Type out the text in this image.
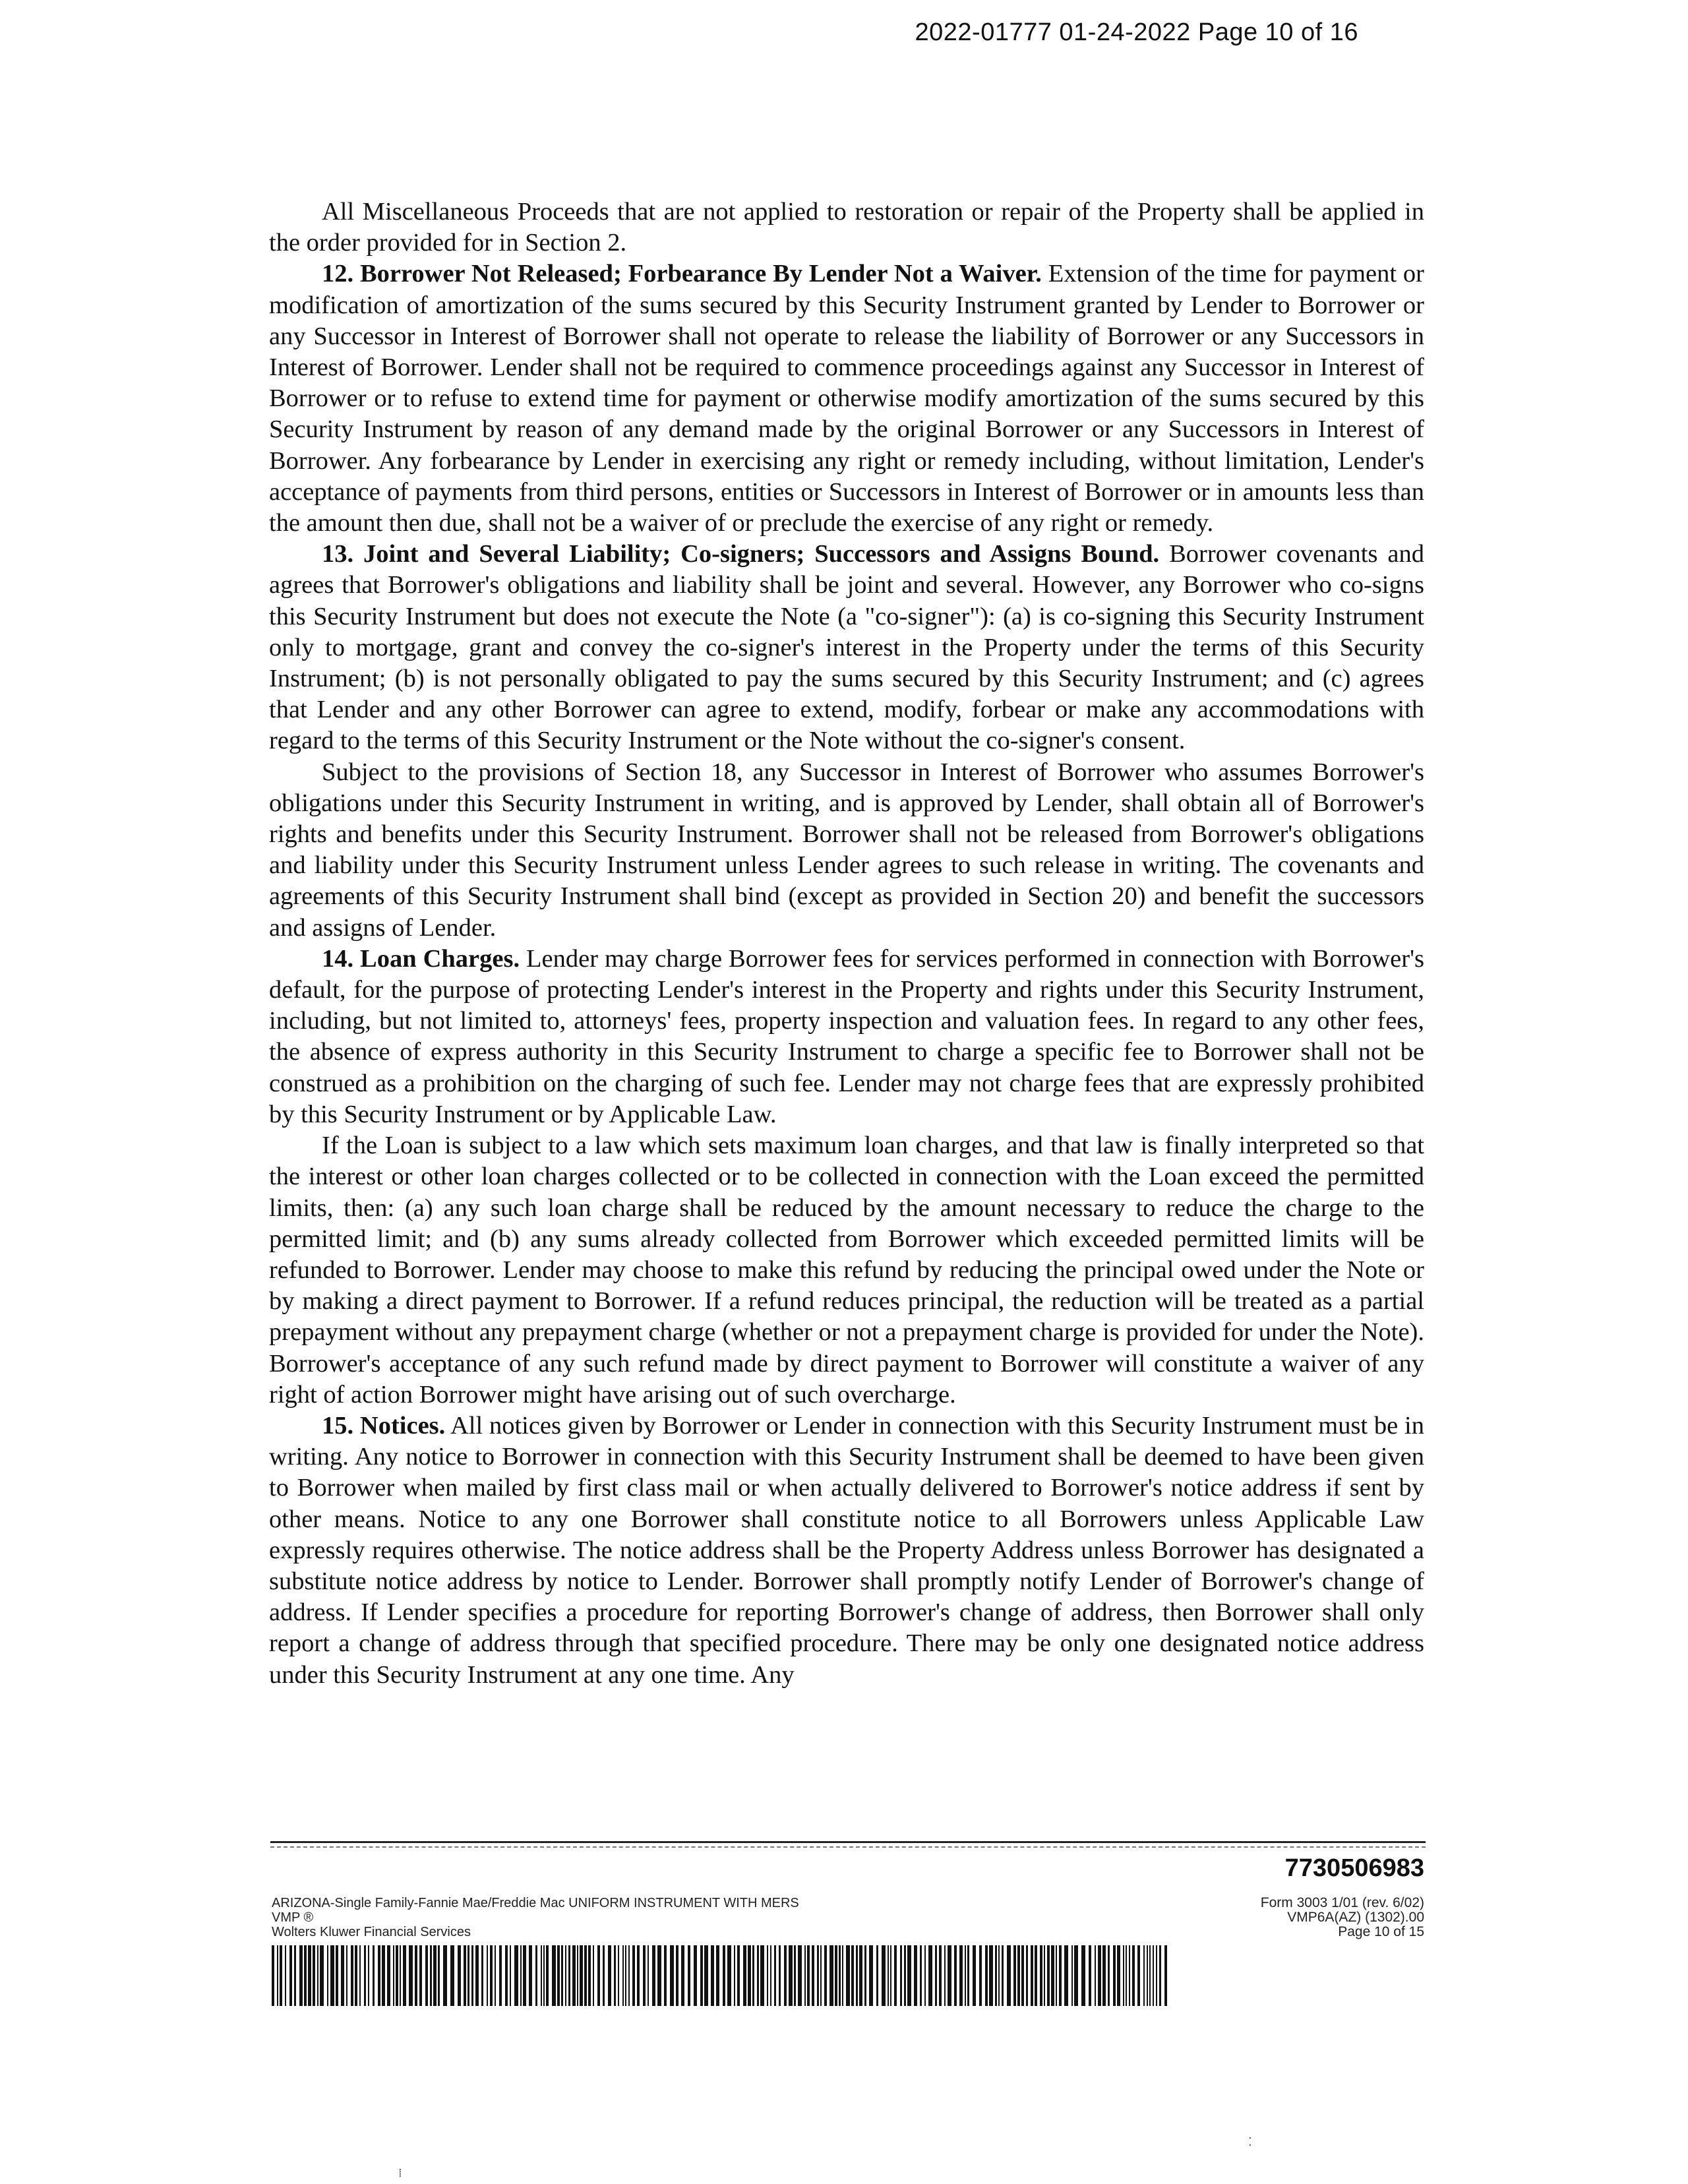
2022-01777 01-24-2022 Page 10 of 16

All Miscellaneous Proceeds that are not applied to restoration or repair of the Property shall be applied in the order provided for in Section 2.

12. Borrower Not Released; Forbearance By Lender Not a Waiver. Extension of the time for payment or modification of amortization of the sums secured by this Security Instrument granted by Lender to Borrower or any Successor in Interest of Borrower shall not operate to release the liability of Borrower or any Successors in Interest of Borrower. Lender shall not be required to commence proceedings against any Successor in Interest of Borrower or to refuse to extend time for payment or otherwise modify amortization of the sums secured by this Security Instrument by reason of any demand made by the original Borrower or any Successors in Interest of Borrower. Any forbearance by Lender in exercising any right or remedy including, without limitation, Lender's acceptance of payments from third persons, entities or Successors in Interest of Borrower or in amounts less than the amount then due, shall not be a waiver of or preclude the exercise of any right or remedy.

13. Joint and Several Liability; Co-signers; Successors and Assigns Bound. Borrower covenants and agrees that Borrower's obligations and liability shall be joint and several. However, any Borrower who co-signs this Security Instrument but does not execute the Note (a "co-signer"): (a) is co-signing this Security Instrument only to mortgage, grant and convey the co-signer's interest in the Property under the terms of this Security Instrument; (b) is not personally obligated to pay the sums secured by this Security Instrument; and (c) agrees that Lender and any other Borrower can agree to extend, modify, forbear or make any accommodations with regard to the terms of this Security Instrument or the Note without the co-signer's consent.

Subject to the provisions of Section 18, any Successor in Interest of Borrower who assumes Borrower's obligations under this Security Instrument in writing, and is approved by Lender, shall obtain all of Borrower's rights and benefits under this Security Instrument. Borrower shall not be released from Borrower's obligations and liability under this Security Instrument unless Lender agrees to such release in writing. The covenants and agreements of this Security Instrument shall bind (except as provided in Section 20) and benefit the successors and assigns of Lender.

14. Loan Charges. Lender may charge Borrower fees for services performed in connection with Borrower's default, for the purpose of protecting Lender's interest in the Property and rights under this Security Instrument, including, but not limited to, attorneys' fees, property inspection and valuation fees. In regard to any other fees, the absence of express authority in this Security Instrument to charge a specific fee to Borrower shall not be construed as a prohibition on the charging of such fee. Lender may not charge fees that are expressly prohibited by this Security Instrument or by Applicable Law.

If the Loan is subject to a law which sets maximum loan charges, and that law is finally interpreted so that the interest or other loan charges collected or to be collected in connection with the Loan exceed the permitted limits, then: (a) any such loan charge shall be reduced by the amount necessary to reduce the charge to the permitted limit; and (b) any sums already collected from Borrower which exceeded permitted limits will be refunded to Borrower. Lender may choose to make this refund by reducing the principal owed under the Note or by making a direct payment to Borrower. If a refund reduces principal, the reduction will be treated as a partial prepayment without any prepayment charge (whether or not a prepayment charge is provided for under the Note). Borrower's acceptance of any such refund made by direct payment to Borrower will constitute a waiver of any right of action Borrower might have arising out of such overcharge.

15. Notices. All notices given by Borrower or Lender in connection with this Security Instrument must be in writing. Any notice to Borrower in connection with this Security Instrument shall be deemed to have been given to Borrower when mailed by first class mail or when actually delivered to Borrower's notice address if sent by other means. Notice to any one Borrower shall constitute notice to all Borrowers unless Applicable Law expressly requires otherwise. The notice address shall be the Property Address unless Borrower has designated a substitute notice address by notice to Lender. Borrower shall promptly notify Lender of Borrower's change of address. If Lender specifies a procedure for reporting Borrower's change of address, then Borrower shall only report a change of address through that specified procedure. There may be only one designated notice address under this Security Instrument at any one time. Any

7730506983
ARIZONA-Single Family-Fannie Mae/Freddie Mac UNIFORM INSTRUMENT WITH MERS
VMP ®
Wolters Kluwer Financial Services
Form 3003 1/01 (rev. 6/02)
VMP6A(AZ) (1302).00
Page 10 of 15
⁚
⁞
